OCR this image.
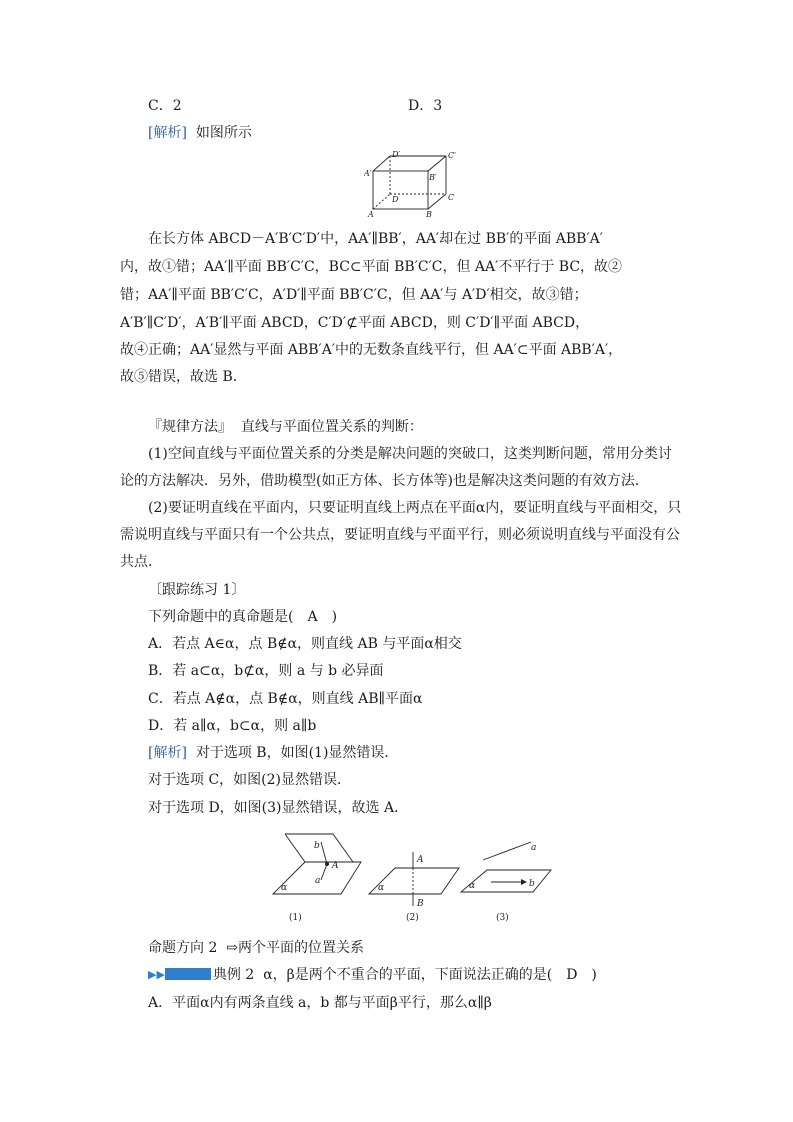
C．2	D．3
[解析] 如图所示
D′	C′
A′	B′
D	C
A	B
在长方体 ABCD－A′B′C′D′中，AA′∥BB′，AA′却在过 BB′的平面 ABB′A′
内，故①错；AA′∥平面 BB′C′C，BC⊂平面 BB′C′C，但 AA′不平行于 BC，故②
错；AA′∥平面 BB′C′C，A′D′∥平面 BB′C′C，但 AA′与 A′D′相交，故③错；
A′B′∥C′D′，A′B′∥平面 ABCD，C′D′⊄平面 ABCD，则 C′D′∥平面 ABCD，
故④正确；AA′显然与平面 ABB′A′中的无数条直线平行，但 AA′⊂平面 ABB′A′，
故⑤错误，故选 B．
『规律方法』 直线与平面位置关系的判断：
(1)空间直线与平面位置关系的分类是解决问题的突破口，这类判断问题，常用分类讨
论的方法解决．另外，借助模型(如正方体、长方体等)也是解决这类问题的有效方法．
(2)要证明直线在平面内，只要证明直线上两点在平面α内，要证明直线与平面相交，只
需说明直线与平面只有一个公共点，要证明直线与平面平行，则必须说明直线与平面没有公
共点．
〔跟踪练习 1〕
下列命题中的真命题是(　A　)
A．若点 A∈α，点 B∉α，则直线 AB 与平面α相交
B．若 a⊂α，b⊄α，则 a 与 b 必异面
C．若点 A∉α，点 B∉α，则直线 AB∥平面α
D．若 a∥α，b⊂α，则 a∥b
[解析] 对于选项 B，如图(1)显然错误．
对于选项 C，如图(2)显然错误．
对于选项 D，如图(3)显然错误，故选 A．
b
A
a
α
A
B
α
a
α	b
(1)	(2)	(3)
命题方向 2 ⇨两个平面的位置关系
▶▶	典例 2 α，β是两个不重合的平面，下面说法正确的是(　D　)
A．平面α内有两条直线 a，b 都与平面β平行，那么α∥β
